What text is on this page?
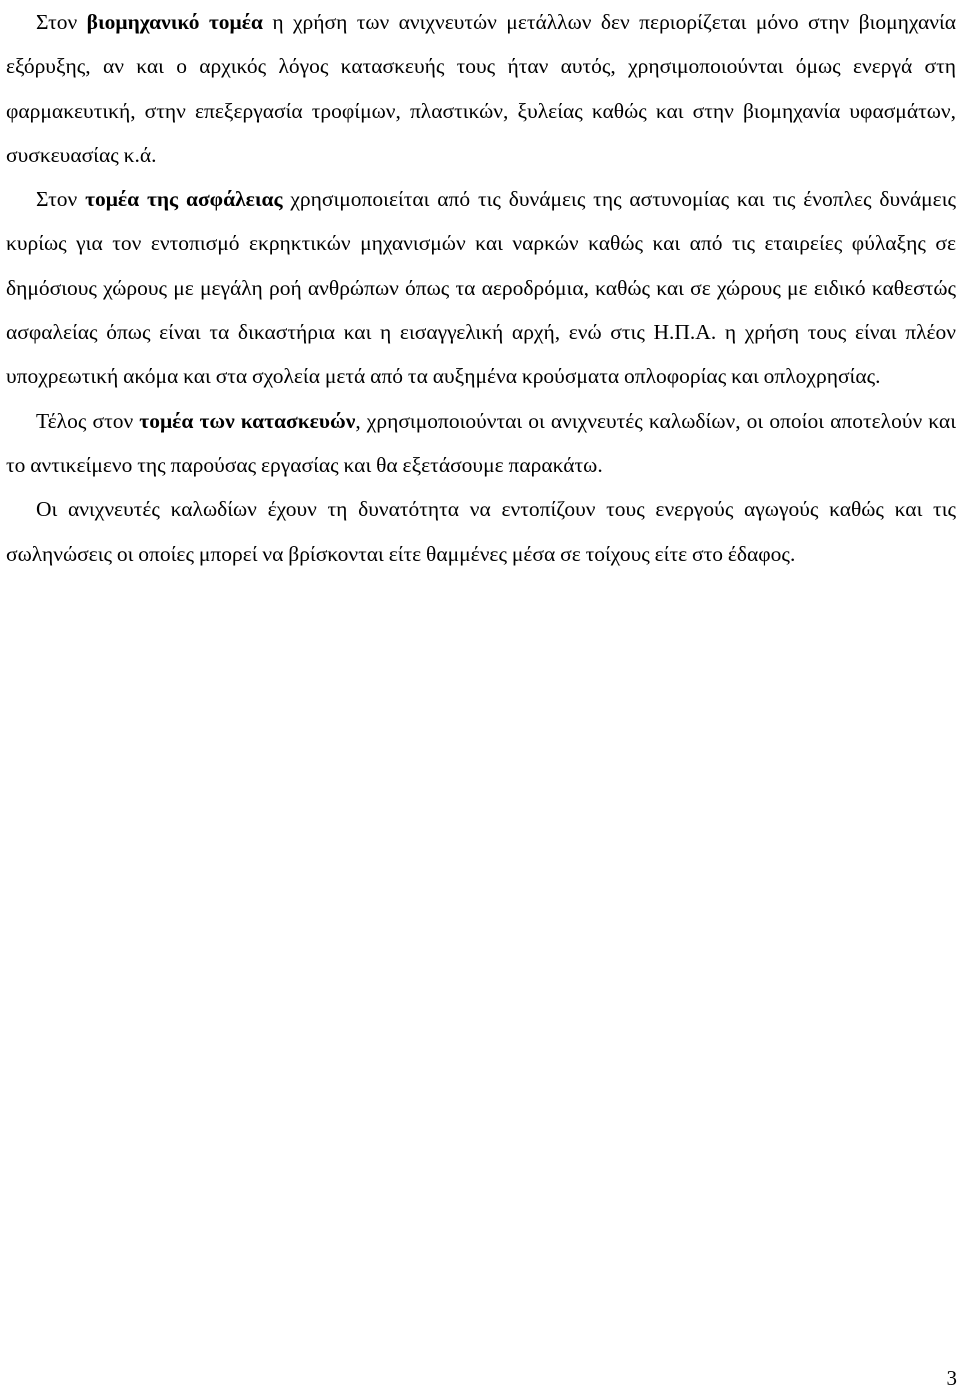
Στον βιομηχανικό τομέα η χρήση των ανιχνευτών μετάλλων δεν περιορίζεται μόνο στην βιομηχανία εξόρυξης, αν και ο αρχικός λόγος κατασκευής τους ήταν αυτός, χρησιμοποιούνται όμως ενεργά στη φαρμακευτική, στην επεξεργασία τροφίμων, πλαστικών, ξυλείας καθώς και στην βιομηχανία υφασμάτων, συσκευασίας κ.ά.

Στον τομέα της ασφάλειας χρησιμοποιείται από τις δυνάμεις της αστυνομίας και τις ένοπλες δυνάμεις κυρίως για τον εντοπισμό εκρηκτικών μηχανισμών και ναρκών καθώς και από τις εταιρείες φύλαξης σε δημόσιους χώρους με μεγάλη ροή ανθρώπων όπως τα αεροδρόμια, καθώς και σε χώρους με ειδικό καθεστώς ασφαλείας όπως είναι τα δικαστήρια και η εισαγγελική αρχή, ενώ στις Η.Π.Α. η χρήση τους είναι πλέον υποχρεωτική ακόμα και στα σχολεία μετά από τα αυξημένα κρούσματα οπλοφορίας και οπλοχρησίας.

Τέλος στον τομέα των κατασκευών, χρησιμοποιούνται οι ανιχνευτές καλωδίων, οι οποίοι αποτελούν και το αντικείμενο της παρούσας εργασίας και θα εξετάσουμε παρακάτω.

Οι ανιχνευτές καλωδίων έχουν τη δυνατότητα να εντοπίζουν τους ενεργούς αγωγούς καθώς και τις σωληνώσεις οι οποίες μπορεί να βρίσκονται είτε θαμμένες μέσα σε τοίχους είτε στο έδαφος.

3
